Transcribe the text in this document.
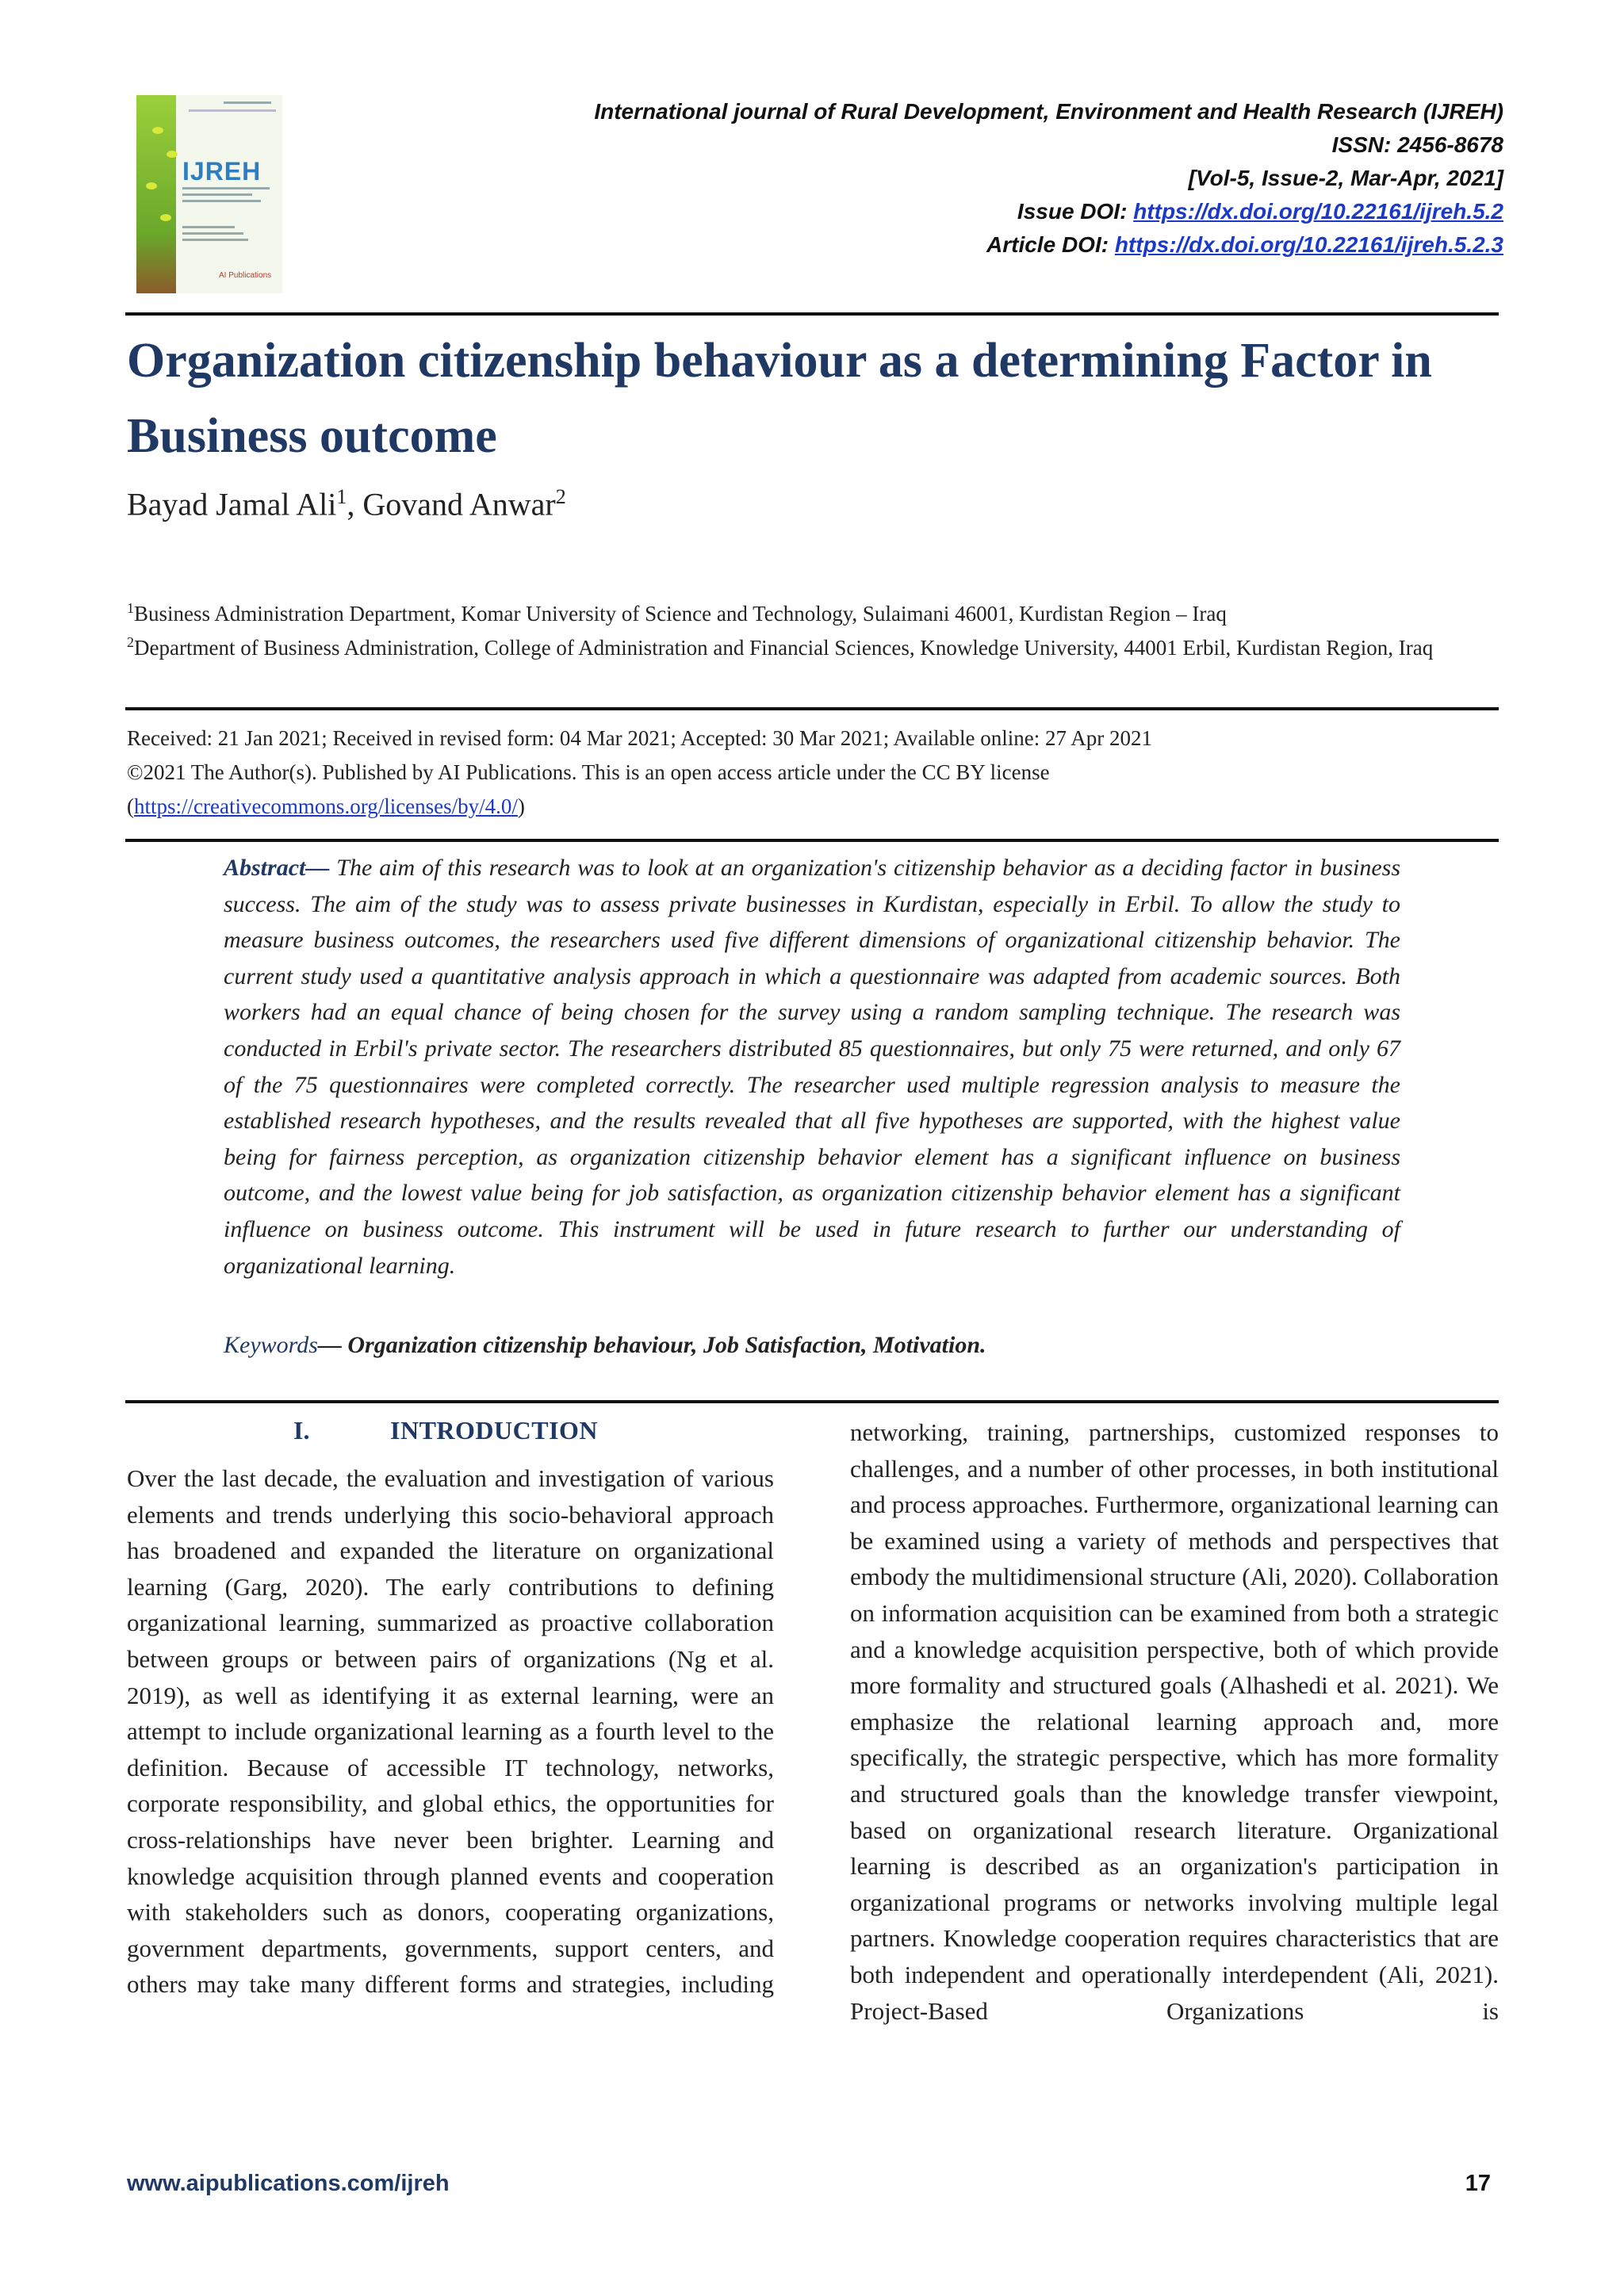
IJREH
AI Publications
International journal of Rural Development, Environment and Health Research (IJREH)
ISSN: 2456-8678
[Vol-5, Issue-2, Mar-Apr, 2021]
Issue DOI: https://dx.doi.org/10.22161/ijreh.5.2
Article DOI: https://dx.doi.org/10.22161/ijreh.5.2.3
Organization citizenship behaviour as a determining Factor in Business outcome
Bayad Jamal Ali$^1$, Govand Anwar$^2$
$^1$Business Administration Department, Komar University of Science and Technology, Sulaimani 46001, Kurdistan Region – Iraq
$^2$Department of Business Administration, College of Administration and Financial Sciences, Knowledge University, 44001 Erbil, Kurdistan Region, Iraq
Received: 21 Jan 2021; Received in revised form: 04 Mar 2021; Accepted: 30 Mar 2021; Available online: 27 Apr 2021
©2021 The Author(s). Published by AI Publications. This is an open access article under the CC BY license
(https://creativecommons.org/licenses/by/4.0/)

Abstract— The aim of this research was to look at an organization's citizenship behavior as a deciding factor in business success. The aim of the study was to assess private businesses in Kurdistan, especially in Erbil. To allow the study to measure business outcomes, the researchers used five different dimensions of organizational citizenship behavior. The current study used a quantitative analysis approach in which a questionnaire was adapted from academic sources. Both workers had an equal chance of being chosen for the survey using a random sampling technique. The research was conducted in Erbil's private sector. The researchers distributed 85 questionnaires, but only 75 were returned, and only 67 of the 75 questionnaires were completed correctly. The researcher used multiple regression analysis to measure the established research hypotheses, and the results revealed that all five hypotheses are supported, with the highest value being for fairness perception, as organization citizenship behavior element has a significant influence on business outcome, and the lowest value being for job satisfaction, as organization citizenship behavior element has a significant influence on business outcome. This instrument will be used in future research to further our understanding of organizational learning.

Keywords— Organization citizenship behaviour, Job Satisfaction, Motivation.
I.	INTRODUCTION

Over the last decade, the evaluation and investigation of various elements and trends underlying this socio-behavioral approach has broadened and expanded the literature on organizational learning (Garg, 2020). The early contributions to defining organizational learning, summarized as proactive collaboration between groups or between pairs of organizations (Ng et al. 2019), as well as identifying it as external learning, were an attempt to include organizational learning as a fourth level to the definition. Because of accessible IT technology, networks, corporate responsibility, and global ethics, the opportunities for cross-relationships have never been brighter. Learning and knowledge acquisition through planned events and cooperation with stakeholders such as donors, cooperating organizations, government departments, governments, support centers, and others may take many different forms and strategies, including

networking, training, partnerships, customized responses to challenges, and a number of other processes, in both institutional and process approaches. Furthermore, organizational learning can be examined using a variety of methods and perspectives that embody the multidimensional structure (Ali, 2020). Collaboration on information acquisition can be examined from both a strategic and a knowledge acquisition perspective, both of which provide more formality and structured goals (Alhashedi et al. 2021). We emphasize the relational learning approach and, more specifically, the strategic perspective, which has more formality and structured goals than the knowledge transfer viewpoint, based on organizational research literature. Organizational learning is described as an organization's participation in organizational programs or networks involving multiple legal partners. Knowledge cooperation requires characteristics that are both independent and operationally interdependent (Ali, 2021). Project-Based Organizations is

www.aipublications.com/ijreh	17
